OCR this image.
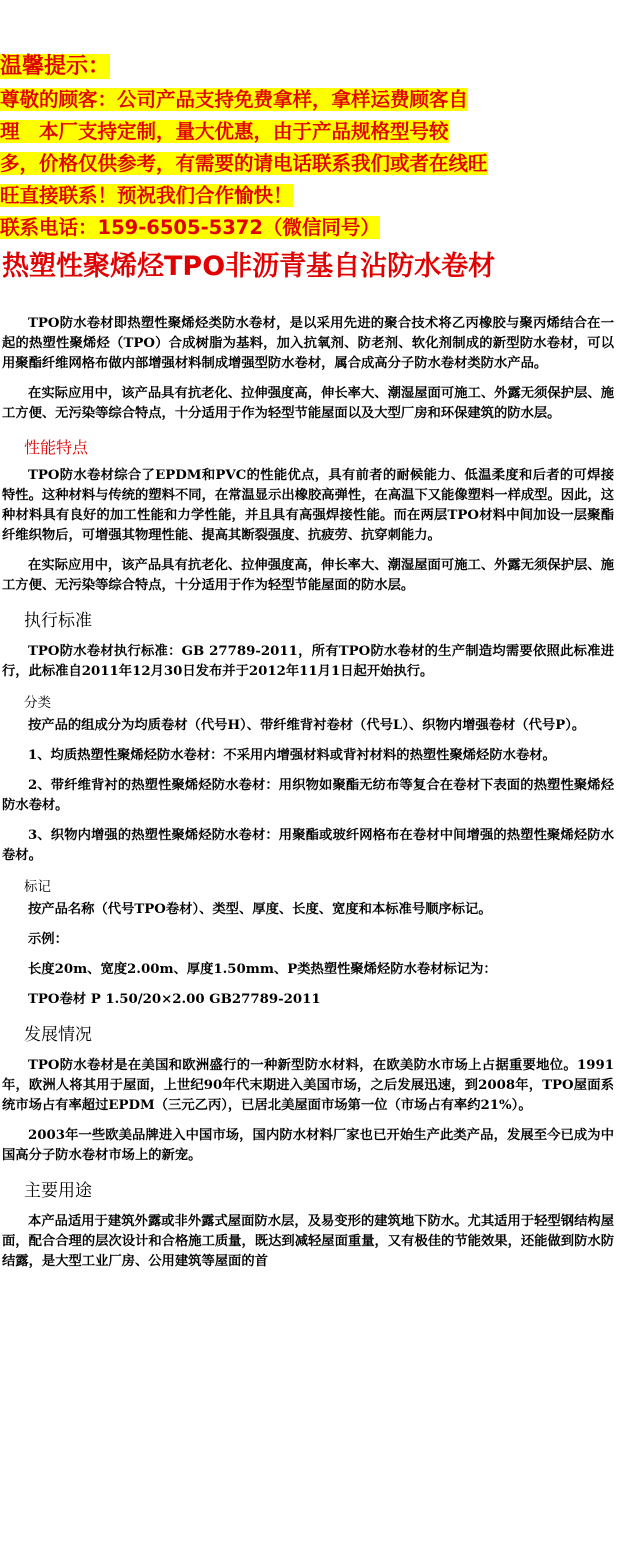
温馨提示：
尊敬的顾客：公司产品支持免费拿样，拿样运费顾客自
理　本厂支持定制，量大优惠，由于产品规格型号较
多，价格仅供参考，有需要的请电话联系我们或者在线旺
旺直接联系！预祝我们合作愉快！
联系电话：159-6505-5372（微信同号）
热塑性聚烯烃TPO非沥青基自沾防水卷材

TPO防水卷材即热塑性聚烯烃类防水卷材，是以采用先进的聚合技术将乙丙橡胶与聚丙烯结合在一起的热塑性聚烯烃（TPO）合成树脂为基料，加入抗氧剂、防老剂、软化剂制成的新型防水卷材，可以用聚酯纤维网格布做内部增强材料制成增强型防水卷材，属合成高分子防水卷材类防水产品。

在实际应用中，该产品具有抗老化、拉伸强度高，伸长率大、潮湿屋面可施工、外露无须保护层、施工方便、无污染等综合特点，十分适用于作为轻型节能屋面以及大型厂房和环保建筑的防水层。

性能特点

TPO防水卷材综合了EPDM和PVC的性能优点，具有前者的耐候能力、低温柔度和后者的可焊接特性。这种材料与传统的塑料不同，在常温显示出橡胶高弹性，在高温下又能像塑料一样成型。因此，这种材料具有良好的加工性能和力学性能，并且具有高强焊接性能。而在两层TPO材料中间加设一层聚酯纤维织物后，可增强其物理性能、提高其断裂强度、抗疲劳、抗穿刺能力。

在实际应用中，该产品具有抗老化、拉伸强度高，伸长率大、潮湿屋面可施工、外露无须保护层、施工方便、无污染等综合特点，十分适用于作为轻型节能屋面的防水层。

执行标准

TPO防水卷材执行标准：GB 27789-2011，所有TPO防水卷材的生产制造均需要依照此标准进行，此标准自2011年12月30日发布并于2012年11月1日起开始执行。

分类

按产品的组成分为均质卷材（代号H）、带纤维背衬卷材（代号L）、织物内增强卷材（代号P）。

1、均质热塑性聚烯烃防水卷材：不采用内增强材料或背衬材料的热塑性聚烯烃防水卷材。

2、带纤维背衬的热塑性聚烯烃防水卷材：用织物如聚酯无纺布等复合在卷材下表面的热塑性聚烯烃防水卷材。

3、织物内增强的热塑性聚烯烃防水卷材：用聚酯或玻纤网格布在卷材中间增强的热塑性聚烯烃防水卷材。

标记

按产品名称（代号TPO卷材）、类型、厚度、长度、宽度和本标准号顺序标记。

示例：

长度20m、宽度2.00m、厚度1.50mm、P类热塑性聚烯烃防水卷材标记为：

TPO卷材 P 1.50/20×2.00 GB27789-2011

发展情况

TPO防水卷材是在美国和欧洲盛行的一种新型防水材料，在欧美防水市场上占据重要地位。1991年，欧洲人将其用于屋面，上世纪90年代末期进入美国市场，之后发展迅速，到2008年，TPO屋面系统市场占有率超过EPDM（三元乙丙），已居北美屋面市场第一位（市场占有率约21%）。

2003年一些欧美品牌进入中国市场，国内防水材料厂家也已开始生产此类产品，发展至今已成为中国高分子防水卷材市场上的新宠。

主要用途

本产品适用于建筑外露或非外露式屋面防水层，及易变形的建筑地下防水。尤其适用于轻型钢结构屋面，配合合理的层次设计和合格施工质量，既达到减轻屋面重量，又有极佳的节能效果，还能做到防水防结露，是大型工业厂房、公用建筑等屋面的首
